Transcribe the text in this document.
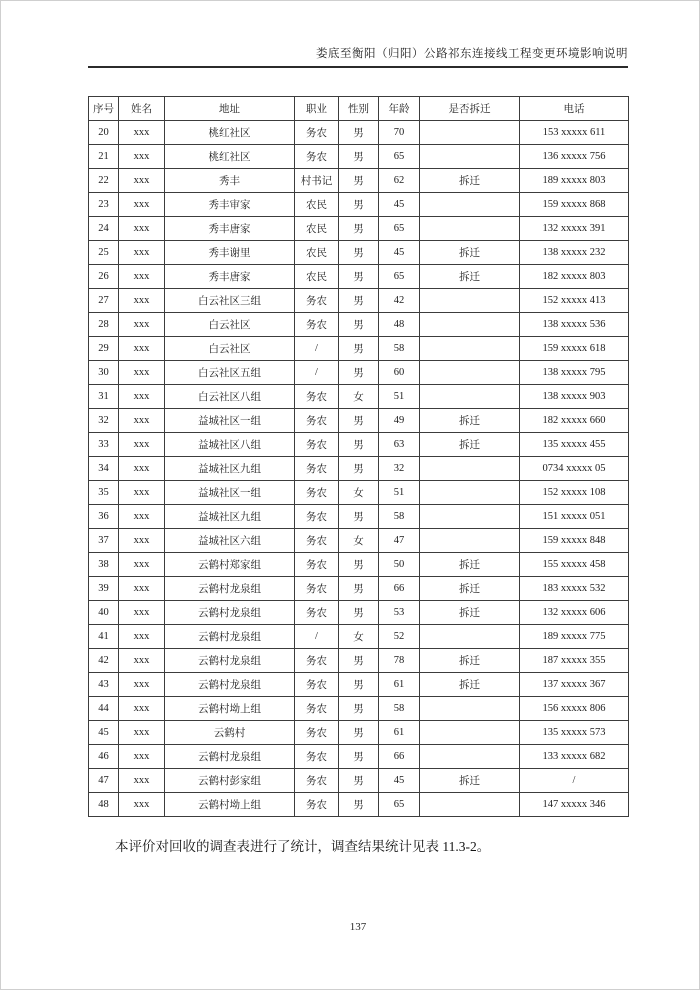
娄底至衡阳（归阳）公路祁东连接线工程变更环境影响说明
序号	姓名	地址	职业	性别	年龄	是否拆迁	电话
20	xxx	桃红社区	务农	男	70		153 xxxxx 611
21	xxx	桃红社区	务农	男	65		136 xxxxx 756
22	xxx	秀丰	村书记	男	62	拆迁	189 xxxxx 803
23	xxx	秀丰审家	农民	男	45		159 xxxxx 868
24	xxx	秀丰唐家	农民	男	65		132 xxxxx 391
25	xxx	秀丰谢里	农民	男	45	拆迁	138 xxxxx 232
26	xxx	秀丰唐家	农民	男	65	拆迁	182 xxxxx 803
27	xxx	白云社区三组	务农	男	42		152 xxxxx 413
28	xxx	白云社区	务农	男	48		138 xxxxx 536
29	xxx	白云社区	/	男	58		159 xxxxx 618
30	xxx	白云社区五组	/	男	60		138 xxxxx 795
31	xxx	白云社区八组	务农	女	51		138 xxxxx 903
32	xxx	益城社区一组	务农	男	49	拆迁	182 xxxxx 660
33	xxx	益城社区八组	务农	男	63	拆迁	135 xxxxx 455
34	xxx	益城社区九组	务农	男	32		0734 xxxxx 05
35	xxx	益城社区一组	务农	女	51		152 xxxxx 108
36	xxx	益城社区九组	务农	男	58		151 xxxxx 051
37	xxx	益城社区六组	务农	女	47		159 xxxxx 848
38	xxx	云鹤村郑家组	务农	男	50	拆迁	155 xxxxx 458
39	xxx	云鹤村龙泉组	务农	男	66	拆迁	183 xxxxx 532
40	xxx	云鹤村龙泉组	务农	男	53	拆迁	132 xxxxx 606
41	xxx	云鹤村龙泉组	/	女	52		189 xxxxx 775
42	xxx	云鹤村龙泉组	务农	男	78	拆迁	187 xxxxx 355
43	xxx	云鹤村龙泉组	务农	男	61	拆迁	137 xxxxx 367
44	xxx	云鹤村坳上组	务农	男	58		156 xxxxx 806
45	xxx	云鹤村	务农	男	61		135 xxxxx 573
46	xxx	云鹤村龙泉组	务农	男	66		133 xxxxx 682
47	xxx	云鹤村彭家组	务农	男	45	拆迁	/
48	xxx	云鹤村坳上组	务农	男	65		147 xxxxx 346

本评价对回收的调查表进行了统计，调查结果统计见表 11.3-2。

137
